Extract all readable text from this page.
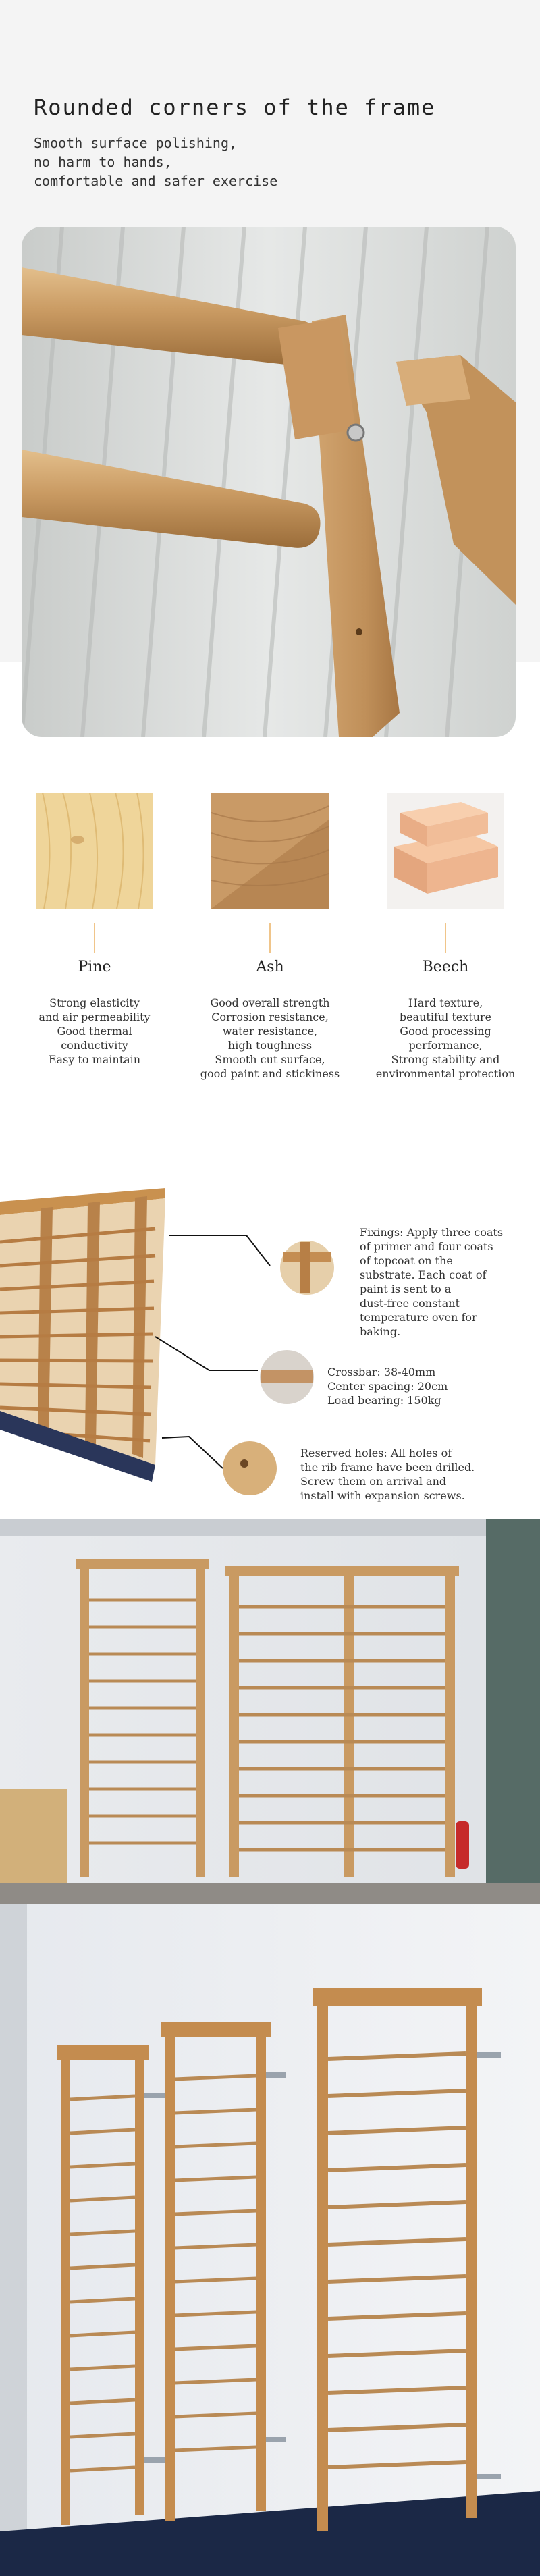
Rounded corners of the frame
Smooth surface polishing,
no harm to hands,
comfortable and safer exercise
Pine
Strong elasticity
and air permeability
Good thermal
conductivity
Easy to maintain
Ash
Good overall strength
Corrosion resistance,
water resistance,
high toughness
Smooth cut surface,
good paint and stickiness
Beech
Hard texture,
beautiful texture
Good processing
performance,
Strong stability and
environmental protection
Fixings: Apply three coats
of primer and four coats
of topcoat on the
substrate. Each coat of
paint is sent to a
dust-free constant
temperature oven for
baking.
Crossbar: 38-40mm
Center spacing: 20cm
Load bearing: 150kg
Reserved holes: All holes of
the rib frame have been drilled.
Screw them on arrival and
install with expansion screws.
